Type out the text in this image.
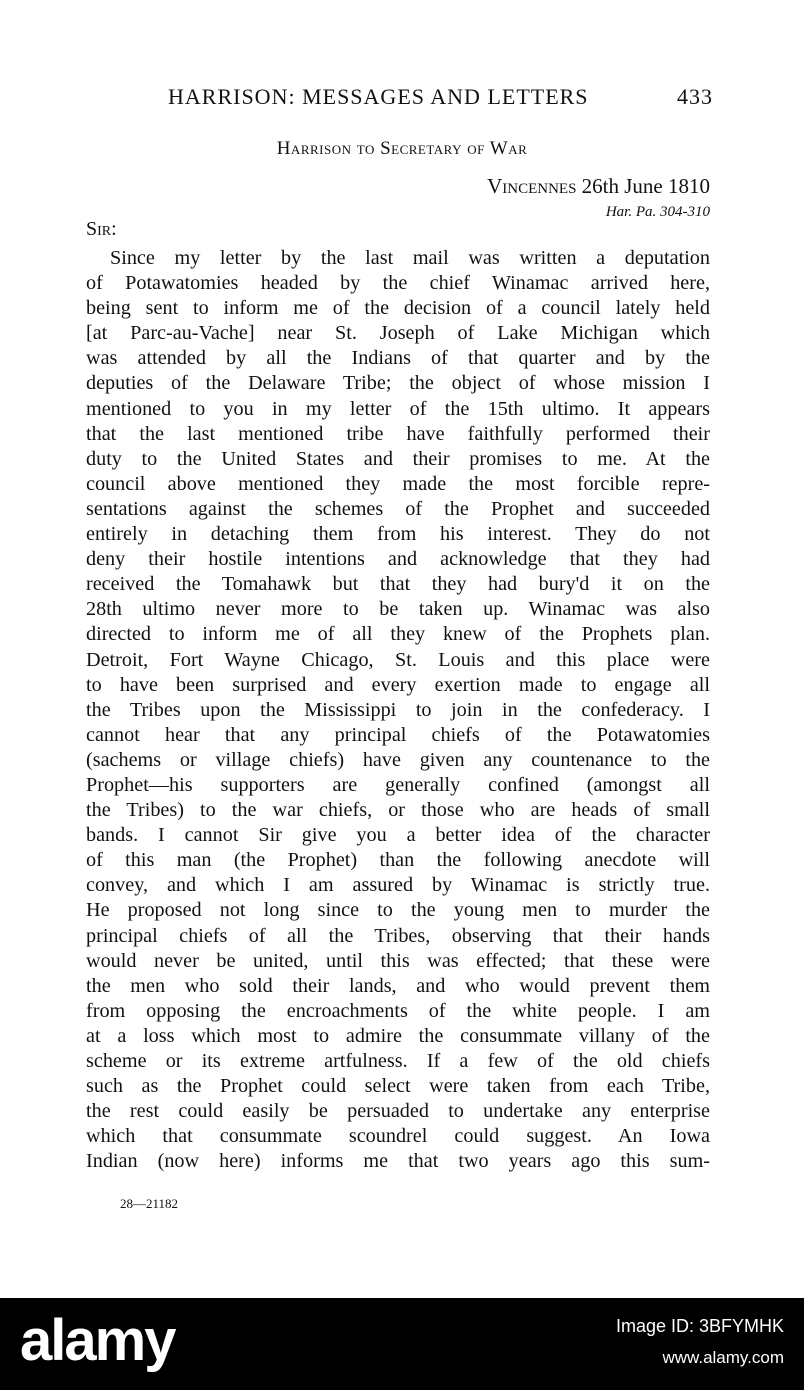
HARRISON: MESSAGES AND LETTERS	433
Harrison to Secretary of War
Vincennes 26th June 1810
Har. Pa. 304-310
Sir:
Since my letter by the last mail was written a deputation
of Potawatomies headed by the chief Winamac arrived here,
being sent to inform me of the decision of a council lately held
[at Parc-au-Vache] near St. Joseph of Lake Michigan which
was attended by all the Indians of that quarter and by the
deputies of the Delaware Tribe; the object of whose mission I
mentioned to you in my letter of the 15th ultimo. It appears
that the last mentioned tribe have faithfully performed their
duty to the United States and their promises to me. At the
council above mentioned they made the most forcible repre-
sentations against the schemes of the Prophet and succeeded
entirely in detaching them from his interest. They do not
deny their hostile intentions and acknowledge that they had
received the Tomahawk but that they had bury'd it on the
28th ultimo never more to be taken up. Winamac was also
directed to inform me of all they knew of the Prophets plan.
Detroit, Fort Wayne Chicago, St. Louis and this place were
to have been surprised and every exertion made to engage all
the Tribes upon the Mississippi to join in the confederacy. I
cannot hear that any principal chiefs of the Potawatomies
(sachems or village chiefs) have given any countenance to the
Prophet—his supporters are generally confined (amongst all
the Tribes) to the war chiefs, or those who are heads of small
bands. I cannot Sir give you a better idea of the character
of this man (the Prophet) than the following anecdote will
convey, and which I am assured by Winamac is strictly true.
He proposed not long since to the young men to murder the
principal chiefs of all the Tribes, observing that their hands
would never be united, until this was effected; that these were
the men who sold their lands, and who would prevent them
from opposing the encroachments of the white people. I am
at a loss which most to admire the consummate villany of the
scheme or its extreme artfulness. If a few of the old chiefs
such as the Prophet could select were taken from each Tribe,
the rest could easily be persuaded to undertake any enterprise
which that consummate scoundrel could suggest. An Iowa
Indian (now here) informs me that two years ago this sum-
28—21182
alamy	Image ID: 3BFYMHK
www.alamy.com
